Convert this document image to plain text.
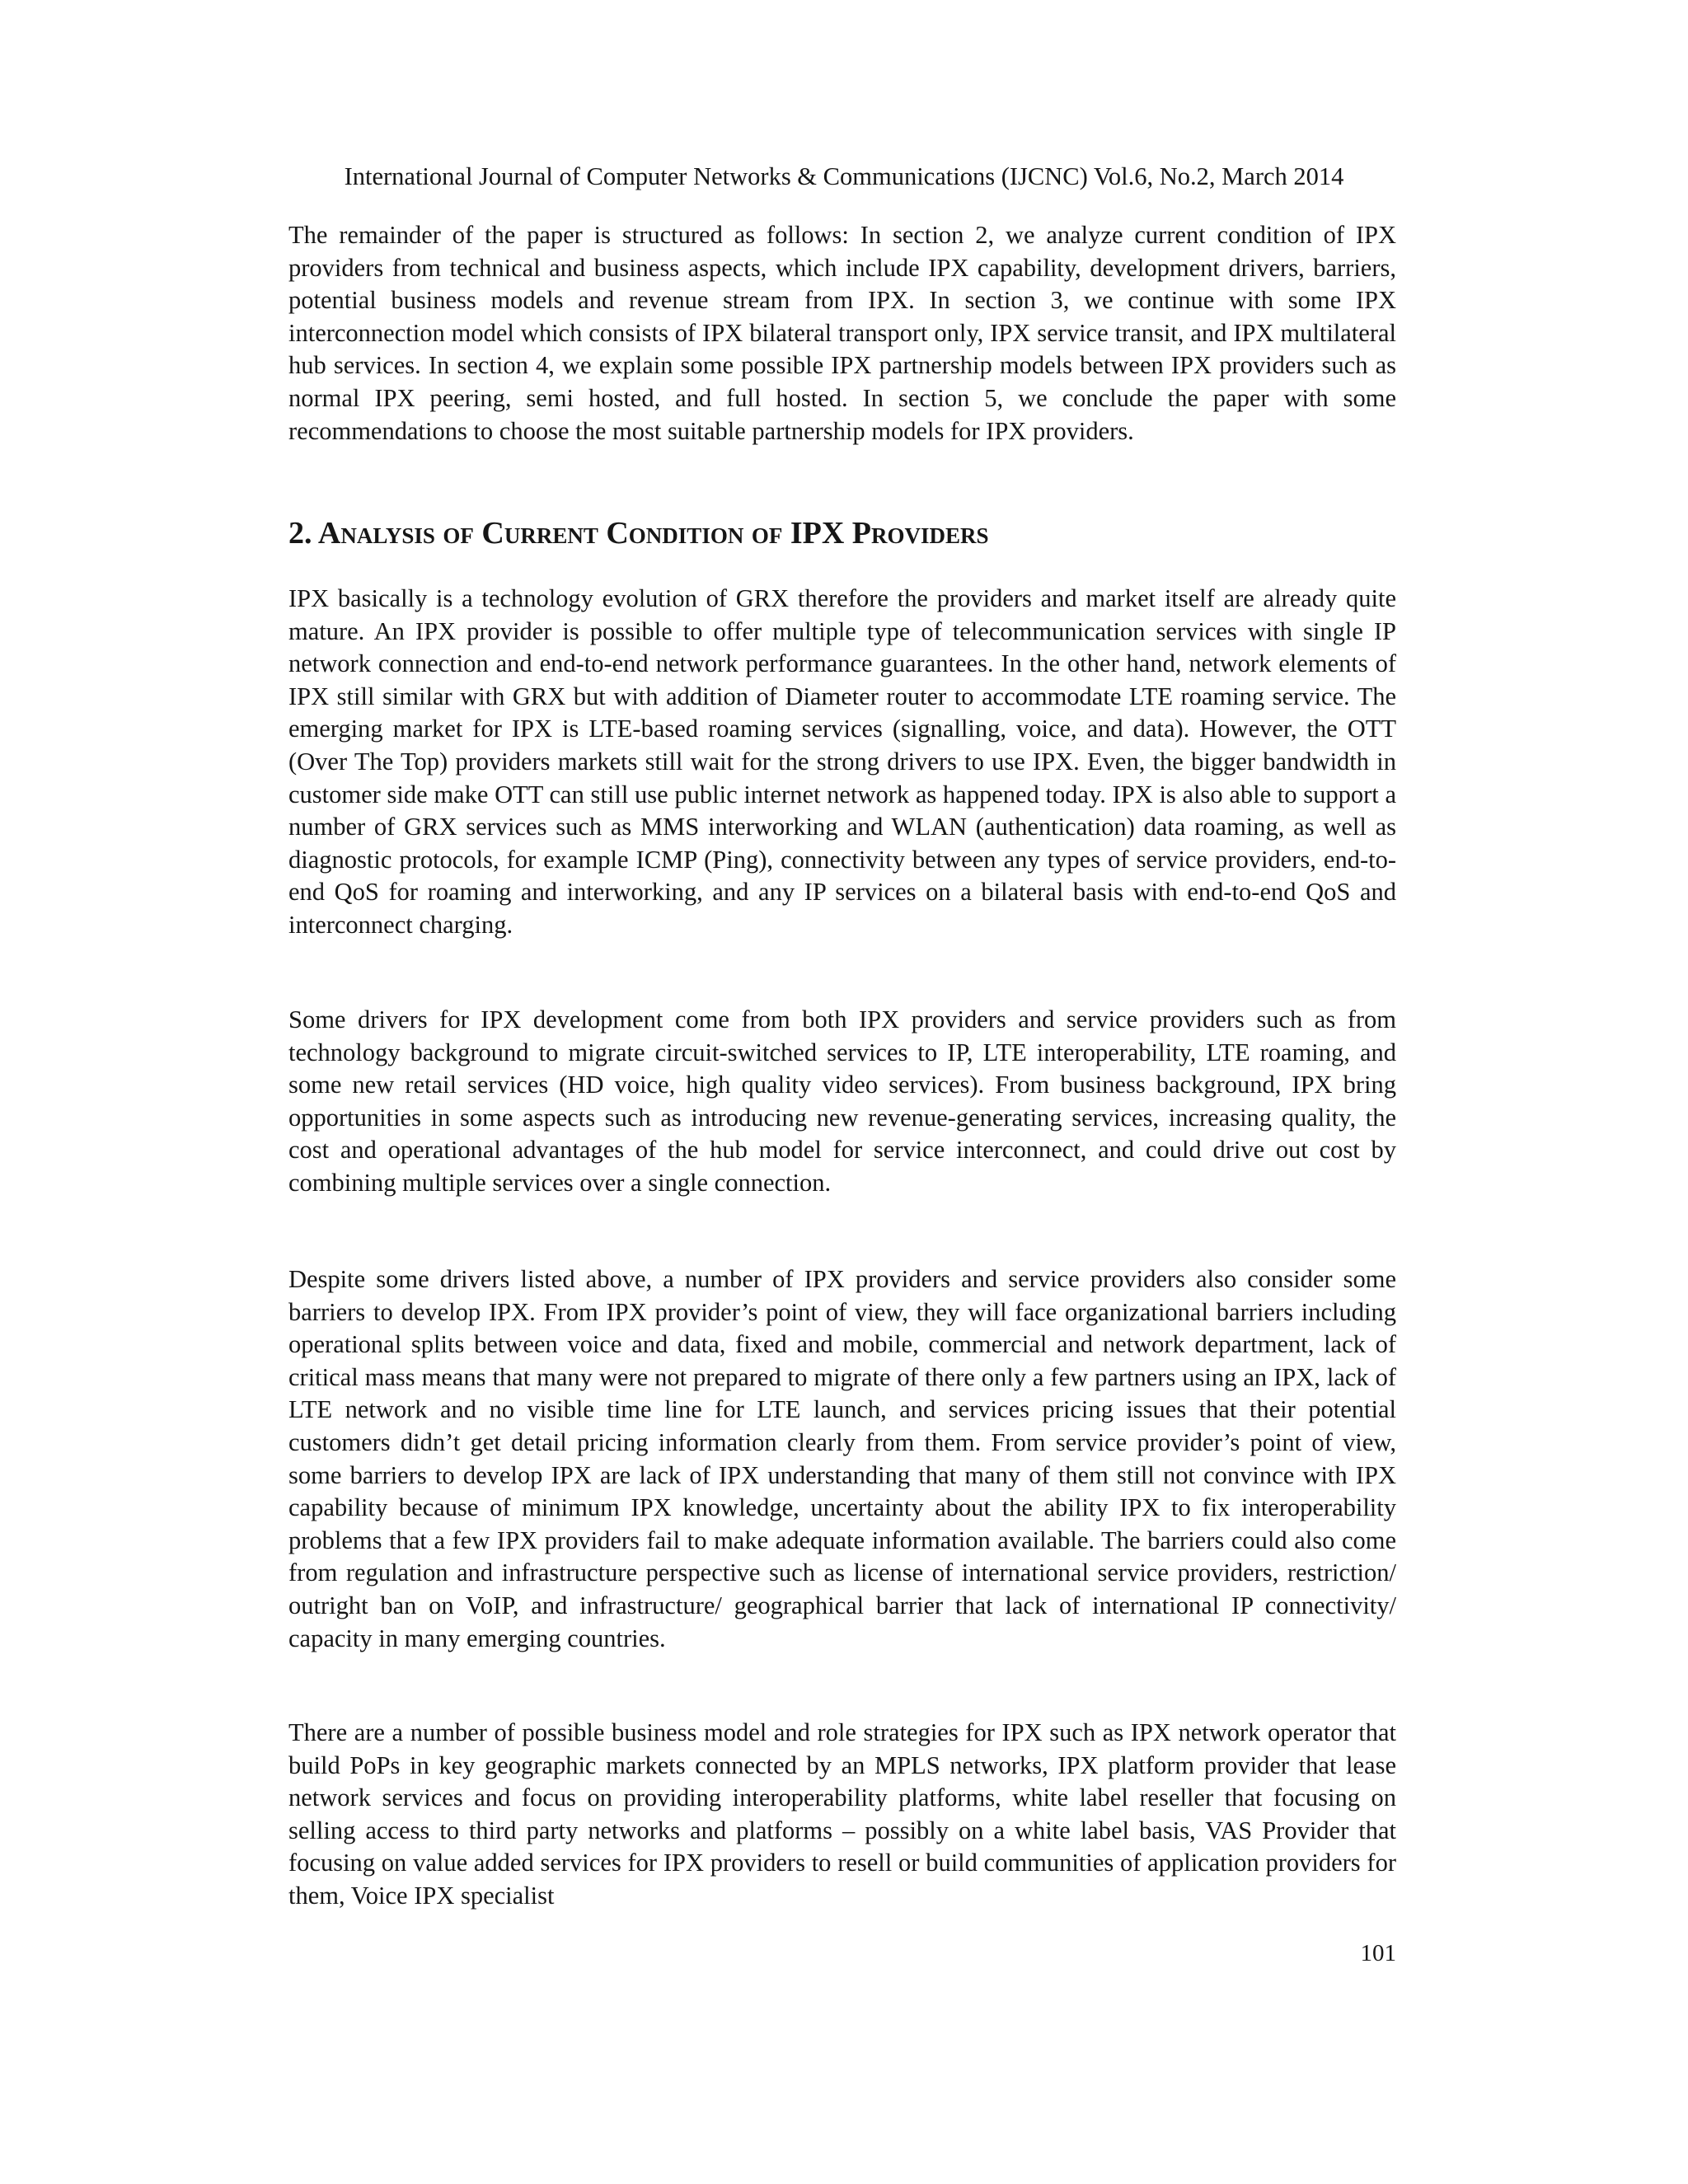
International Journal of Computer Networks & Communications (IJCNC) Vol.6, No.2, March 2014

The remainder of the paper is structured as follows: In section 2, we analyze current condition of IPX providers from technical and business aspects, which include IPX capability, development drivers, barriers, potential business models and revenue stream from IPX. In section 3, we continue with some IPX interconnection model which consists of IPX bilateral transport only, IPX service transit, and IPX multilateral hub services. In section 4, we explain some possible IPX partnership models between IPX providers such as normal IPX peering, semi hosted, and full hosted. In section 5, we conclude the paper with some recommendations to choose the most suitable partnership models for IPX providers.

2. Analysis of Current Condition of IPX Providers

IPX basically is a technology evolution of GRX therefore the providers and market itself are already quite mature. An IPX provider is possible to offer multiple type of telecommunication services with single IP network connection and end-to-end network performance guarantees. In the other hand, network elements of IPX still similar with GRX but with addition of Diameter router to accommodate LTE roaming service. The emerging market for IPX is LTE-based roaming services (signalling, voice, and data). However, the OTT (Over The Top) providers markets still wait for the strong drivers to use IPX. Even, the bigger bandwidth in customer side make OTT can still use public internet network as happened today. IPX is also able to support a number of GRX services such as MMS interworking and WLAN (authentication) data roaming, as well as diagnostic protocols, for example ICMP (Ping), connectivity between any types of service providers, end-to-end QoS for roaming and interworking, and any IP services on a bilateral basis with end-to-end QoS and interconnect charging.

Some drivers for IPX development come from both IPX providers and service providers such as from technology background to migrate circuit-switched services to IP, LTE interoperability, LTE roaming, and some new retail services (HD voice, high quality video services). From business background, IPX bring opportunities in some aspects such as introducing new revenue-generating services, increasing quality, the cost and operational advantages of the hub model for service interconnect, and could drive out cost by combining multiple services over a single connection.

Despite some drivers listed above, a number of IPX providers and service providers also consider some barriers to develop IPX. From IPX provider’s point of view, they will face organizational barriers including operational splits between voice and data, fixed and mobile, commercial and network department, lack of critical mass means that many were not prepared to migrate of there only a few partners using an IPX, lack of LTE network and no visible time line for LTE launch, and services pricing issues that their potential customers didn’t get detail pricing information clearly from them. From service provider’s point of view, some barriers to develop IPX are lack of IPX understanding that many of them still not convince with IPX capability because of minimum IPX knowledge, uncertainty about the ability IPX to fix interoperability problems that a few IPX providers fail to make adequate information available. The barriers could also come from regulation and infrastructure perspective such as license of international service providers, restriction/ outright ban on VoIP, and infrastructure/ geographical barrier that lack of international IP connectivity/ capacity in many emerging countries.

There are a number of possible business model and role strategies for IPX such as IPX network operator that build PoPs in key geographic markets connected by an MPLS networks, IPX platform provider that lease network services and focus on providing interoperability platforms, white label reseller that focusing on selling access to third party networks and platforms – possibly on a white label basis, VAS Provider that focusing on value added services for IPX providers to resell or build communities of application providers for them, Voice IPX specialist

101
